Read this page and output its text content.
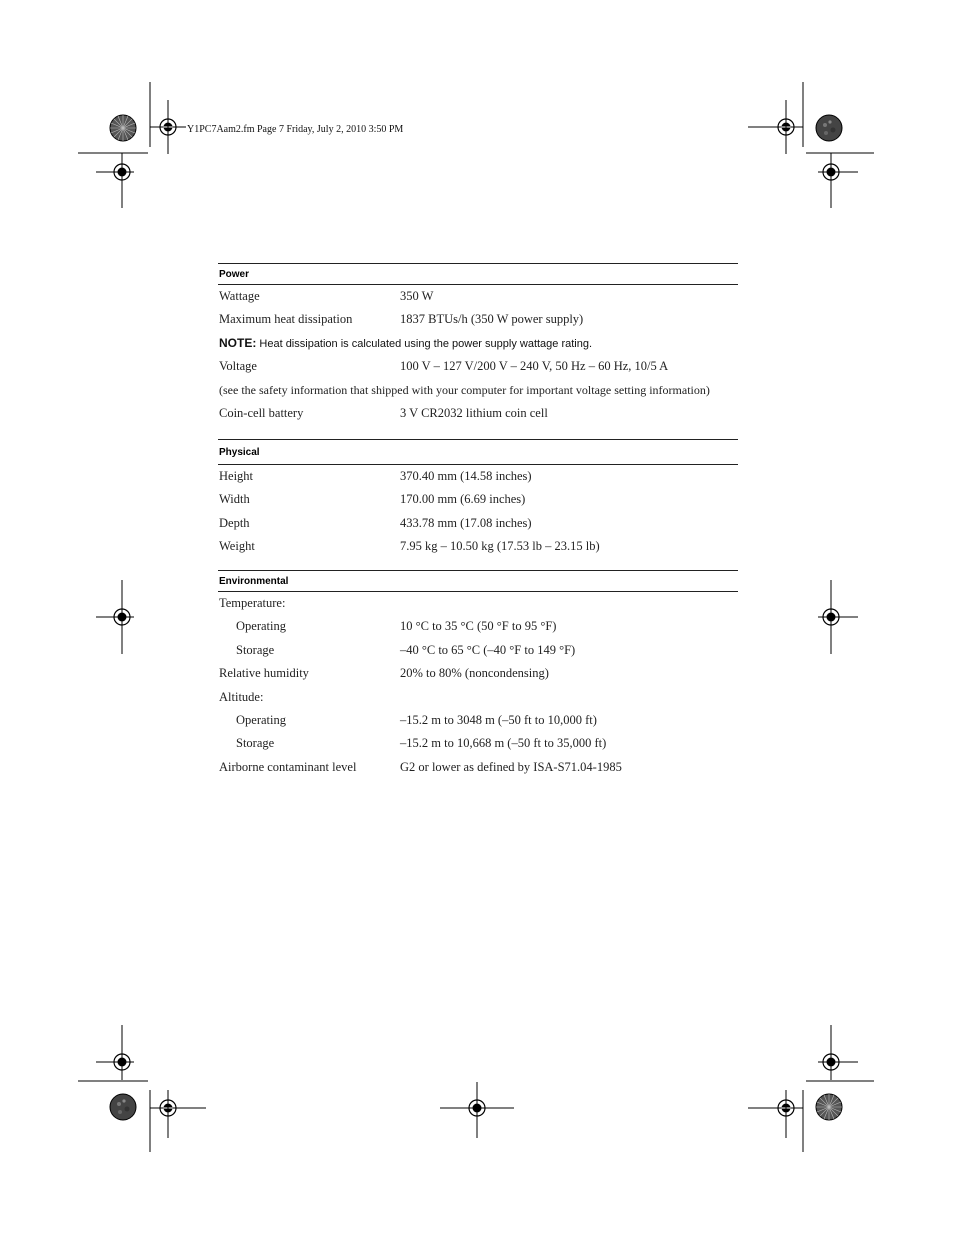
Y1PC7Aam2.fm Page 7 Friday, July 2, 2010 3:50 PM
Power
Wattage	350 W
Maximum heat dissipation	1837 BTUs/h (350 W power supply)
NOTE: Heat dissipation is calculated using the power supply wattage rating.
Voltage	100 V – 127 V/200 V – 240 V, 50 Hz – 60 Hz, 10/5 A
(see the safety information that shipped with your computer for important voltage setting information)
Coin-cell battery	3 V CR2032 lithium coin cell
Physical
Height	370.40 mm (14.58 inches)
Width	170.00 mm (6.69 inches)
Depth	433.78 mm (17.08 inches)
Weight	7.95 kg – 10.50 kg (17.53 lb – 23.15 lb)
Environmental
Temperature:
Operating	10 °C to 35 °C (50 °F to 95 °F)
Storage	–40 °C to 65 °C (–40 °F to 149 °F)
Relative humidity	20% to 80% (noncondensing)
Altitude:
Operating	–15.2 m to 3048 m (–50 ft to 10,000 ft)
Storage	–15.2 m to 10,668 m (–50 ft to 35,000 ft)
Airborne contaminant level	G2 or lower as defined by ISA-S71.04-1985
